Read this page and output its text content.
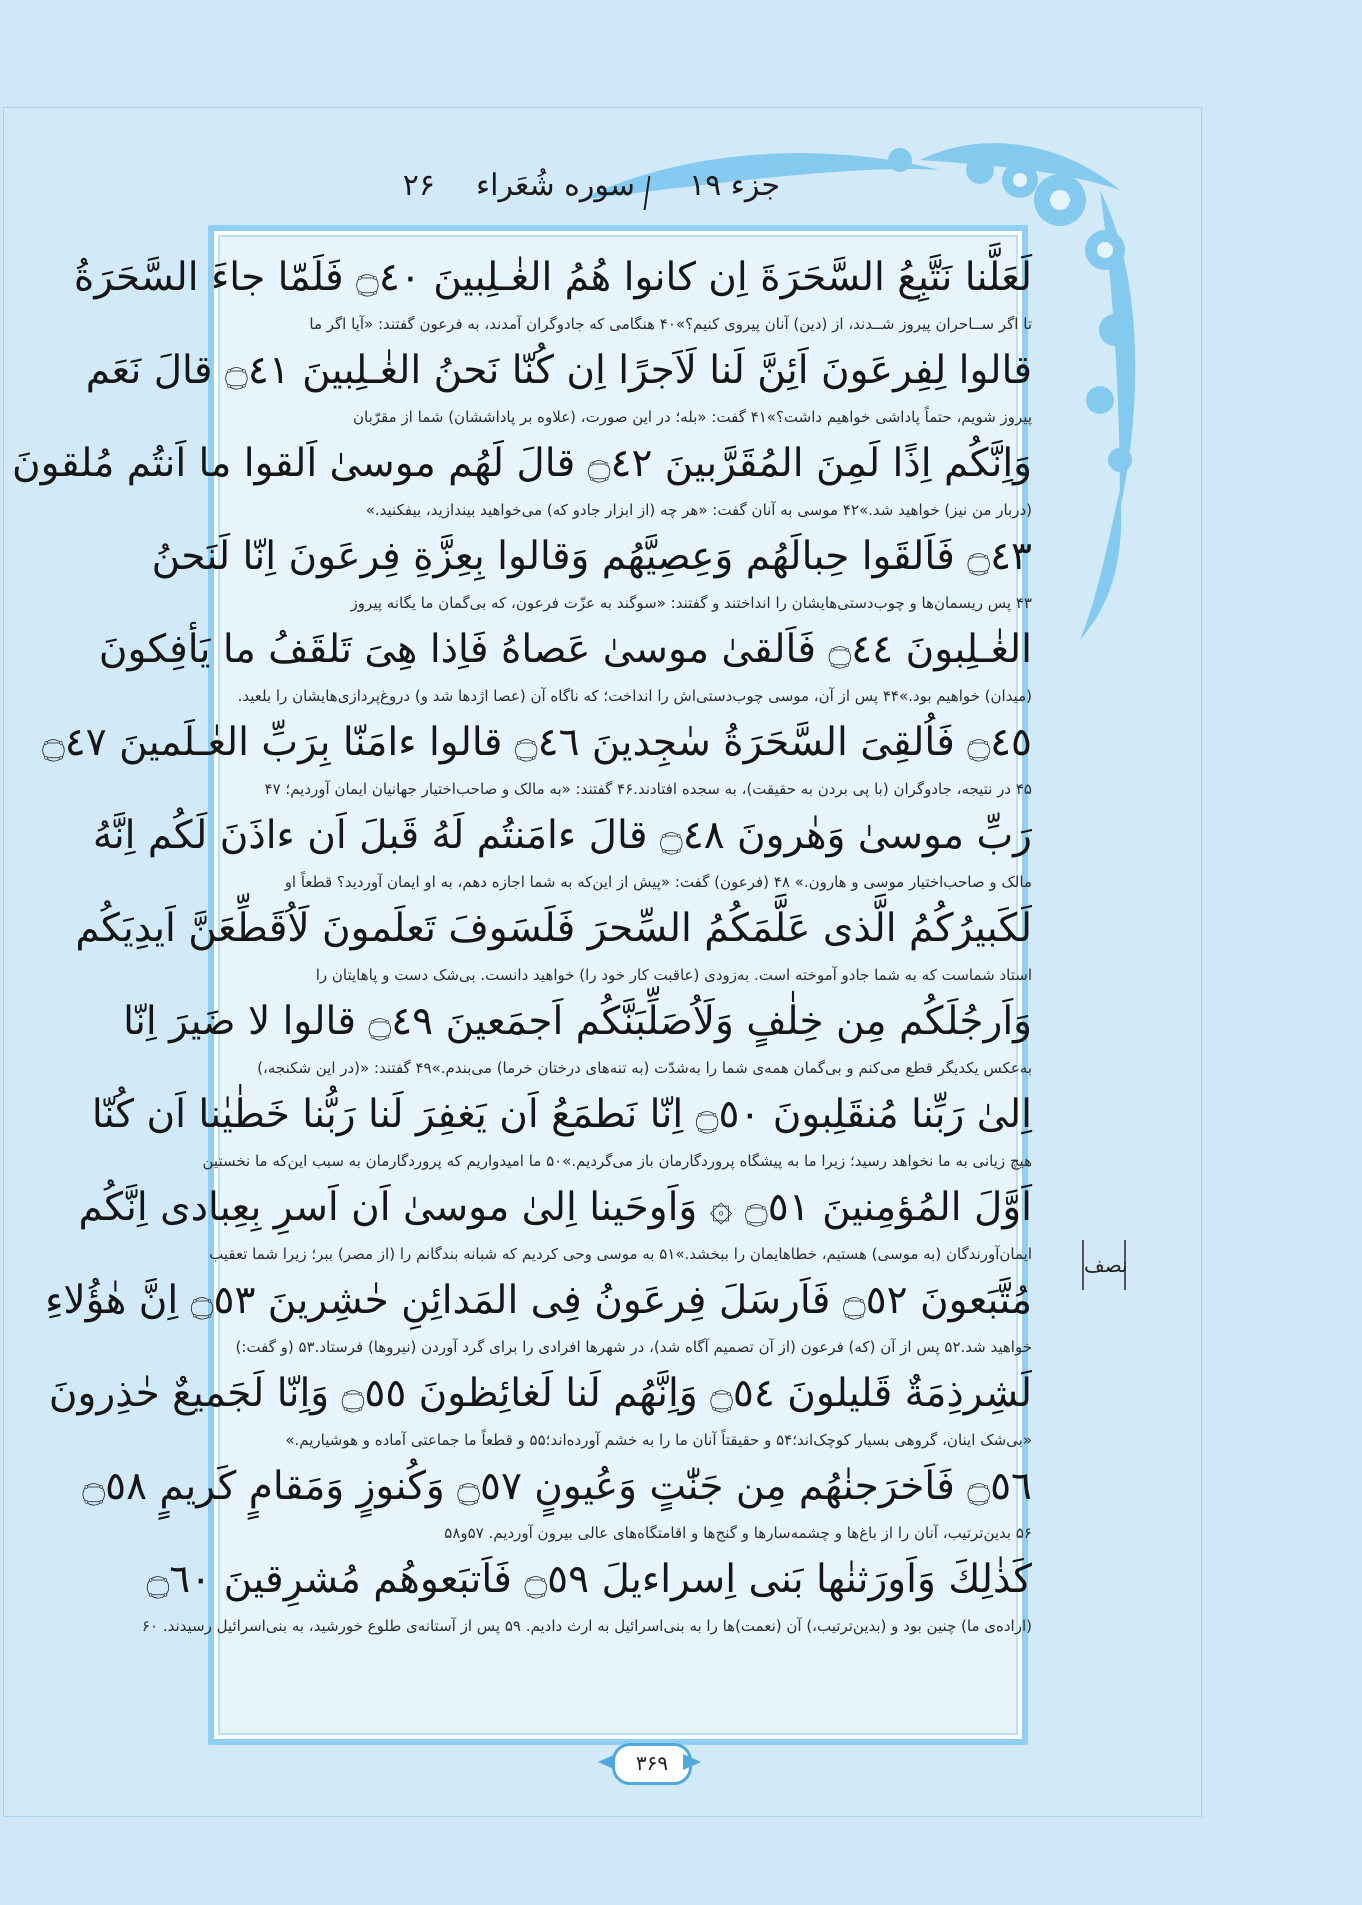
جزء ۱۹
سوره شُعَراء
۲۶
لَعَلَّنا نَتَّبِعُ السَّحَرَةَ اِن كانوا هُمُ الغٰـلِبينَ ۝٤٠ فَلَمّا جاءَ السَّحَرَةُ
تا اگر ســاحران پیروز شــدند، از (دین) آنان پیروی کنیم؟»۴۰ هنگامی که جادوگران آمدند، به فرعون گفتند: «آیا اگر ما
قالوا لِفِرعَونَ اَئِنَّ لَنا لَاَجرًا اِن كُنّا نَحنُ الغٰـلِبينَ ۝٤١ قالَ نَعَم
پیروز شویم، حتماً پاداشی خواهیم داشت؟»۴۱ گفت: «بله؛ در این صورت، (علاوه بر پاداششان) شما از مقرّبان
وَاِنَّكُم اِذًا لَمِنَ المُقَرَّبينَ ۝٤٢ قالَ لَهُم موسىٰ اَلقوا ما اَنتُم مُلقونَ
(دربار من نیز) خواهید شد.»۴۲ موسی به آنان گفت: «هر چه (از ابزار جادو که) می‌خواهید بیندازید، بیفکنید.»
۝٤٣ فَاَلقَوا حِبالَهُم وَعِصِيَّهُم وَقالوا بِعِزَّةِ فِرعَونَ اِنّا لَنَحنُ
۴۳ پس ریسمان‌ها و چوب‌دستی‌هایشان را انداختند و گفتند: «سوگند به عزّت فرعون، که بی‌گمان ما یگانه پیروز
الغٰـلِبونَ ۝٤٤ فَاَلقىٰ موسىٰ عَصاهُ فَاِذا هِىَ تَلقَفُ ما يَأفِكونَ
(میدان) خواهیم بود.»۴۴ پس از آن، موسی چوب‌دستی‌اش را انداخت؛ که ناگاه آن (عصا اژدها شد و) دروغ‌پردازی‌هایشان را بلعید.
۝٤٥ فَاُلقِىَ السَّحَرَةُ سٰجِدينَ ۝٤٦ قالوا ءامَنّا بِرَبِّ العٰـلَمينَ ۝٤٧
۴۵ در نتیجه، جادوگران (با پی بردن به حقیقت)، به سجده افتادند.۴۶ گفتند: «به مالک و صاحب‌اختیار جهانیان ایمان آوردیم؛ ۴۷
رَبِّ موسىٰ وَهٰرونَ ۝٤٨ قالَ ءامَنتُم لَهُ قَبلَ اَن ءاذَنَ لَكُم اِنَّهُ
مالک و صاحب‌اختیار موسی و هارون.» ۴۸ (فرعون) گفت: «پیش از این‌که به شما اجازه دهم، به او ایمان آوردید؟ قطعاً او
لَكَبيرُكُمُ الَّذى عَلَّمَكُمُ السِّحرَ فَلَسَوفَ تَعلَمونَ لَاُقَطِّعَنَّ اَيدِيَكُم
استاد شماست که به شما جادو آموخته است. به‌زودی (عاقبت کار خود را) خواهید دانست. بی‌شک دست و پاهایتان را
وَاَرجُلَكُم مِن خِلٰفٍ وَلَاُصَلِّبَنَّكُم اَجمَعينَ ۝٤٩ قالوا لا ضَيرَ اِنّا
به‌عکس یکدیگر قطع می‌کنم و بی‌گمان همه‌ی شما را به‌شدّت (به تنه‌های درختان خرما) می‌بندم.»۴۹ گفتند: «(در این شکنجه،)
اِلىٰ رَبِّنا مُنقَلِبونَ ۝٥٠ اِنّا نَطمَعُ اَن يَغفِرَ لَنا رَبُّنا خَطٰيٰنا اَن كُنّا
هیچ زیانی به ما نخواهد رسید؛ زیرا ما به پیشگاه پروردگارمان باز می‌گردیم.»۵۰ ما امیدواریم که پروردگارمان به سبب این‌که ما نخستین
اَوَّلَ المُؤمِنينَ ۝٥١ ۞ وَاَوحَينا اِلىٰ موسىٰ اَن اَسرِ بِعِبادى اِنَّكُم
ایمان‌آورندگان (به موسی) هستیم، خطاهایمان را ببخشد.»۵۱ به موسی وحی کردیم که شبانه بندگانم را (از مصر) ببر؛ زیرا شما تعقیب
مُتَّبَعونَ ۝٥٢ فَاَرسَلَ فِرعَونُ فِى المَدائِنِ حٰشِرينَ ۝٥٣ اِنَّ هٰؤُلاءِ
خواهید شد.۵۲ پس از آن (که) فرعون (از آن تصمیم آگاه شد)، در شهرها افرادی را برای گرد آوردن (نیروها) فرستاد.۵۳ (و گفت:)
لَشِرذِمَةٌ قَليلونَ ۝٥٤ وَاِنَّهُم لَنا لَغائِظونَ ۝٥٥ وَاِنّا لَجَميعٌ حٰذِرونَ
«بی‌شک اینان، گروهی بسیار کوچک‌اند؛۵۴ و حقیقتاً آنان ما را به خشم آورده‌اند؛۵۵ و قطعاً ما جماعتی آماده و هوشیاریم.»
۝٥٦ فَاَخرَجنٰهُم مِن جَنّٰتٍ وَعُيونٍ ۝٥٧ وَكُنوزٍ وَمَقامٍ كَريمٍ ۝٥٨
۵۶ بدین‌ترتیب، آنان را از باغ‌ها و چشمه‌سارها و گنج‌ها و اقامتگاه‌های عالی بیرون آوردیم. ۵۷و۵۸
كَذٰلِكَ وَاَورَثنٰها بَنى اِسراءيلَ ۝٥٩ فَاَتبَعوهُم مُشرِقينَ ۝٦٠
(اراده‌ی ما) چنین بود و (بدین‌ترتیب،) آن (نعمت)ها را به بنی‌اسرائیل به ارث دادیم. ۵۹ پس از آستانه‌ی طلوع خورشید، به بنی‌اسرائیل رسیدند. ۶۰
نصف
۳۶۹
